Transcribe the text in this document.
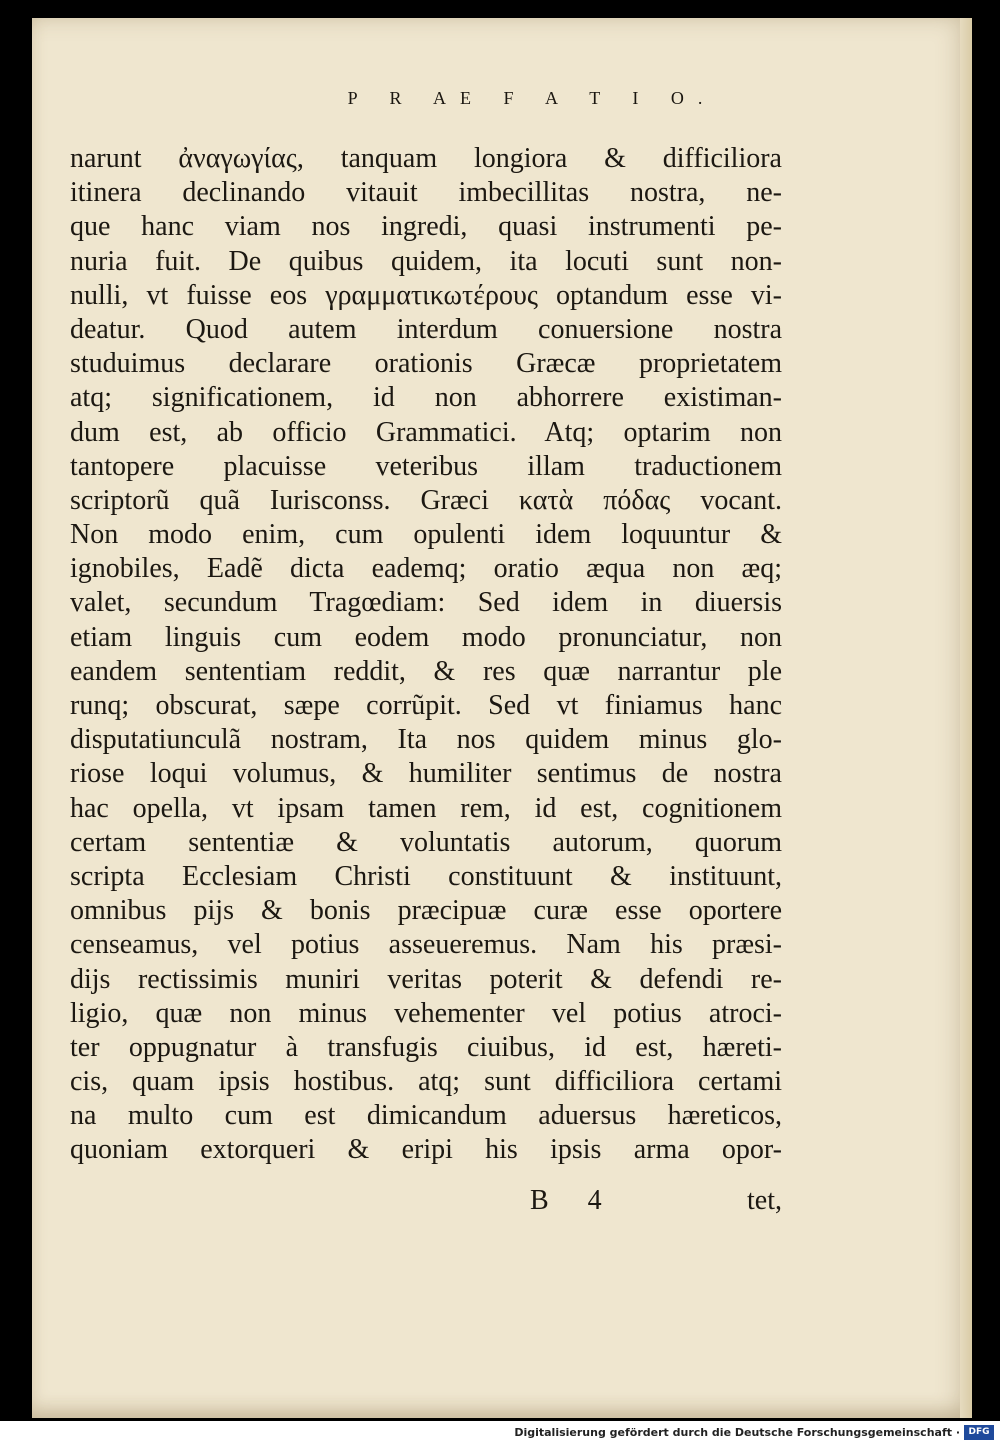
P R AE F A T I O.
narunt ἀναγωγίας, tanquam longiora & difficiliora
itinera declinando vitauit imbecillitas nostra, ne-
que hanc viam nos ingredi, quasi instrumenti pe-
nuria fuit. De quibus quidem, ita locuti sunt non-
nulli, vt fuisse eos γραμματικωτέρους optandum esse vi-
deatur. Quod autem interdum conuersione nostra
studuimus declarare orationis Græcæ proprietatem
atq; significationem, id non abhorrere existiman-
dum est, ab officio Grammatici. Atq; optarim non
tantopere placuisse veteribus illam traductionem
scriptorũ quã Iurisconss. Græci κατὰ πόδας vocant.
Non modo enim, cum opulenti idem loquuntur &
ignobiles, Eadẽ dicta eademq; oratio æqua non æq;
valet, secundum Tragœdiam: Sed idem in diuersis
etiam linguis cum eodem modo pronunciatur, non
eandem sententiam reddit, & res quæ narrantur ple
runq; obscurat, sæpe corrũpit. Sed vt finiamus hanc
disputatiunculã nostram, Ita nos quidem minus glo-
riose loqui volumus, & humiliter sentimus de nostra
hac opella, vt ipsam tamen rem, id est, cognitionem
certam sententiæ & voluntatis autorum, quorum
scripta Ecclesiam Christi constituunt & instituunt,
omnibus pijs & bonis præcipuæ curæ esse oportere
censeamus, vel potius asseueremus. Nam his præsi-
dijs rectissimis muniri veritas poterit & defendi re-
ligio, quæ non minus vehementer vel potius atroci-
ter oppugnatur à transfugis ciuibus, id est, hæreti-
cis, quam ipsis hostibus. atq; sunt difficiliora certami
na multo cum est dimicandum aduersus hæreticos,
quoniam extorqueri & eripi his ipsis arma opor-
B 4	tet,
Digitalisierung gefördert durch die Deutsche Forschungsgemeinschaft · DFG
